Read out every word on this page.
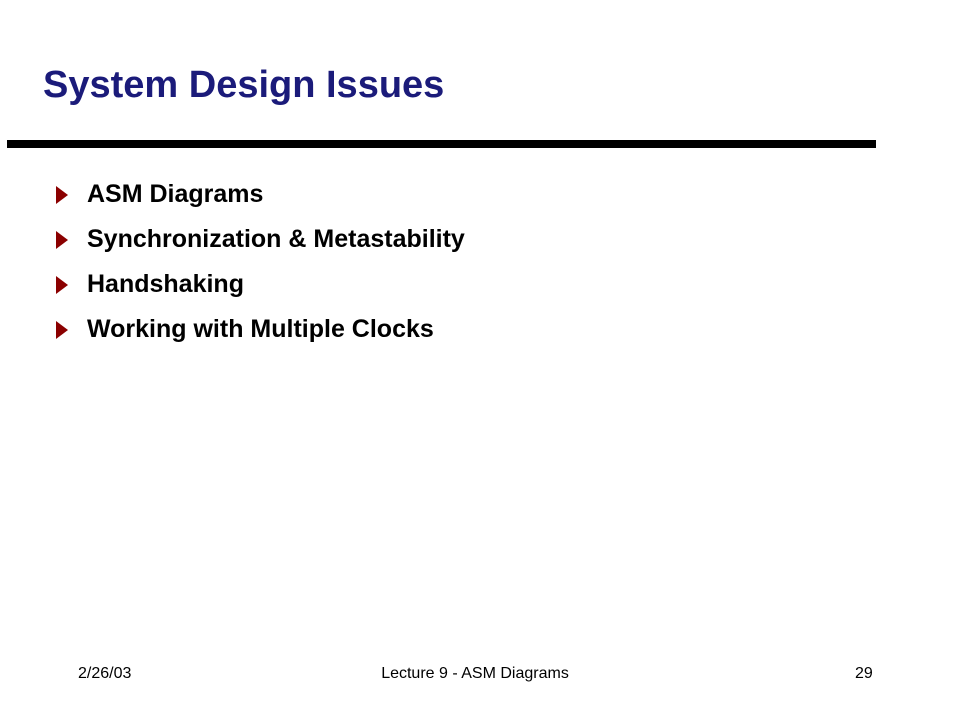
System Design Issues
ASM Diagrams
Synchronization & Metastability
Handshaking
Working with Multiple Clocks
2/26/03	Lecture 9 - ASM Diagrams	29
